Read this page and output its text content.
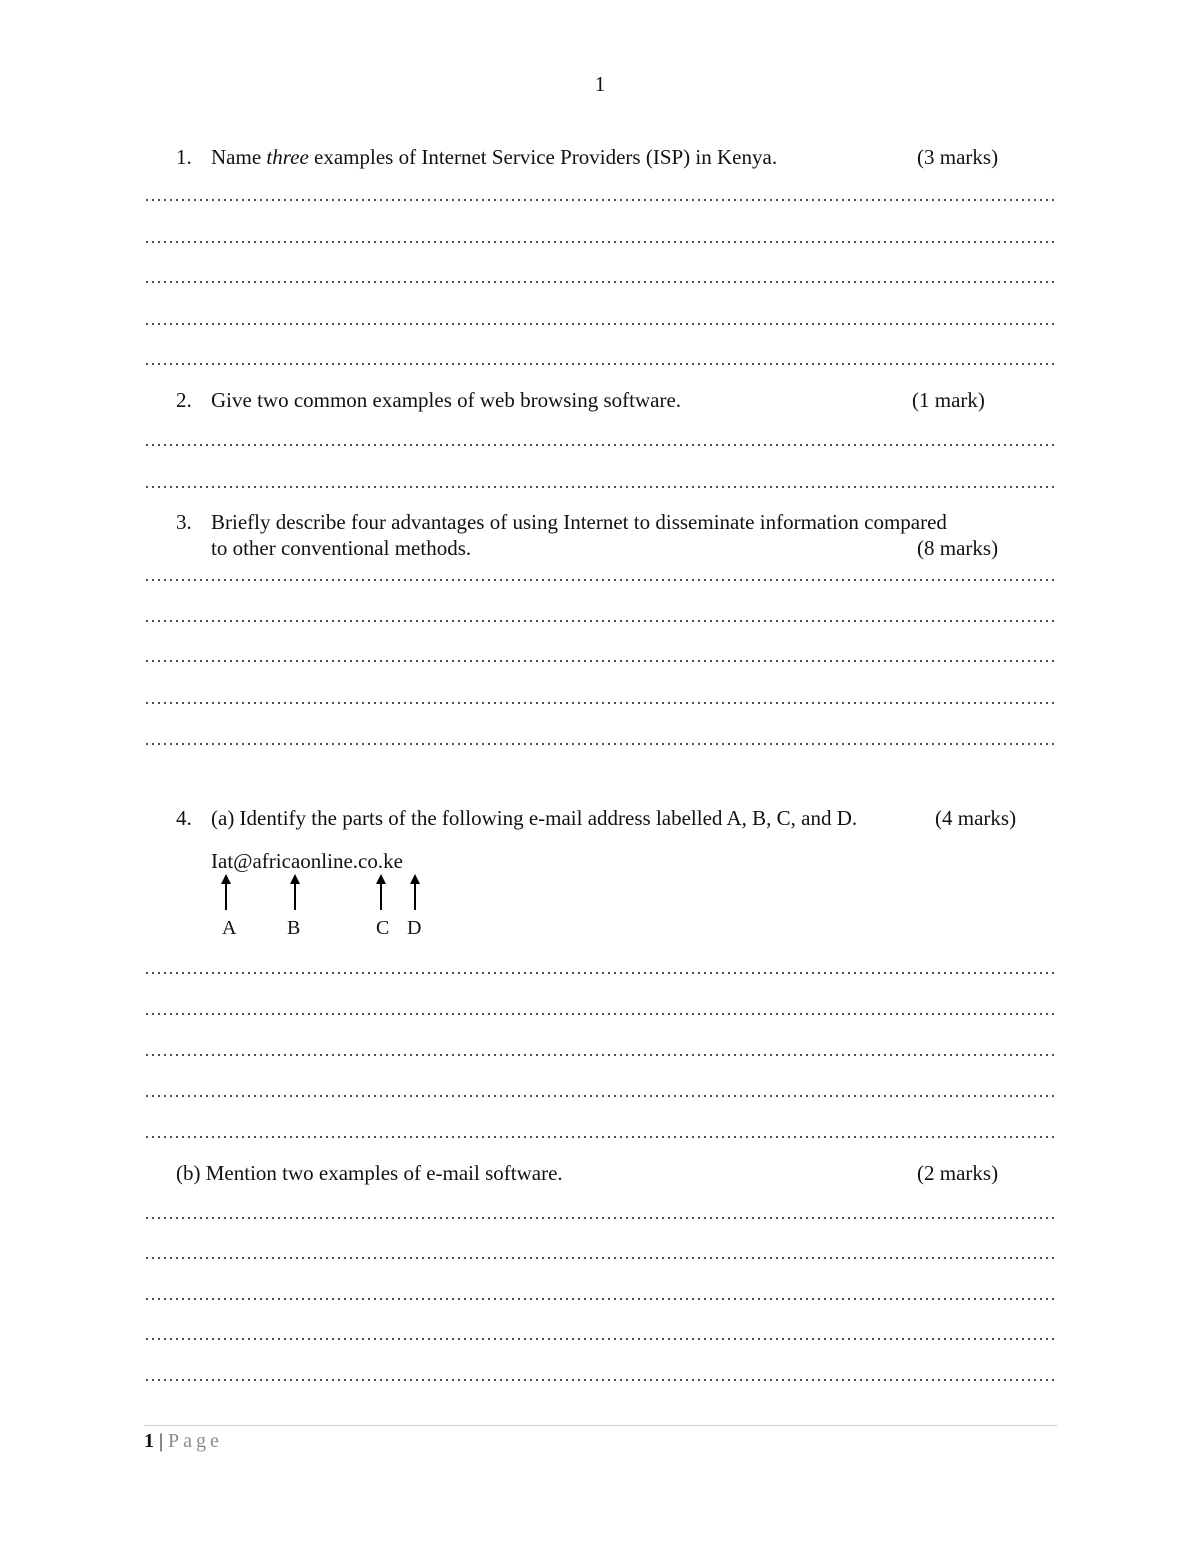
1
1. Name three examples of Internet Service Providers (ISP) in Kenya.	(3 marks)
2. Give two common examples of web browsing software.	(1 mark)
3. Briefly describe four advantages of using Internet to disseminate information compared
to other conventional methods.	(8 marks)
4. (a) Identify the parts of the following e-mail address labelled A, B, C, and D.	(4 marks)
Iat@africaonline.co.ke
A	B	C D
(b) Mention two examples of e-mail software.	(2 marks)
1 | Page
